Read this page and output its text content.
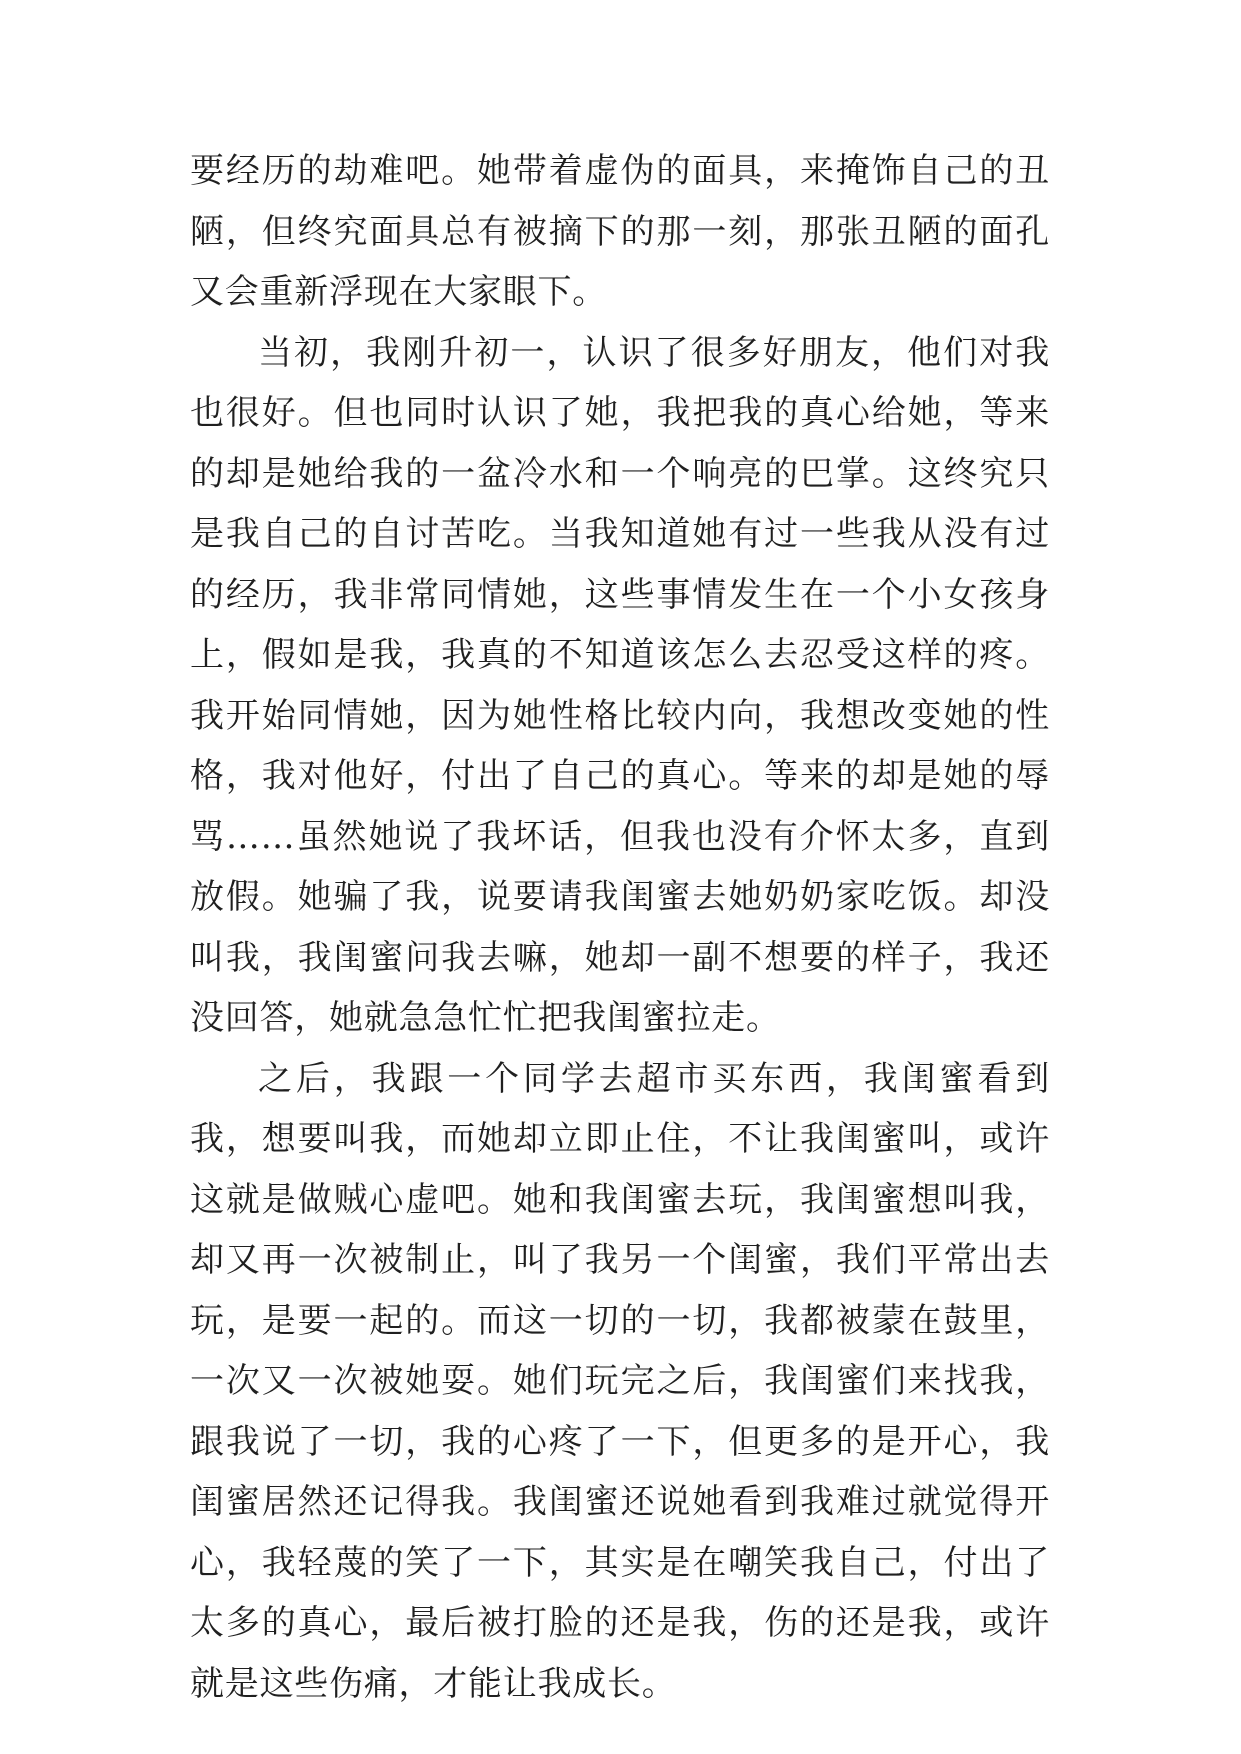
要经历的劫难吧。她带着虚伪的面具，来掩饰自己的丑陋，但终究面具总有被摘下的那一刻，那张丑陋的面孔又会重新浮现在大家眼下。

当初，我刚升初一，认识了很多好朋友，他们对我也很好。但也同时认识了她，我把我的真心给她，等来的却是她给我的一盆冷水和一个响亮的巴掌。这终究只是我自己的自讨苦吃。当我知道她有过一些我从没有过的经历，我非常同情她，这些事情发生在一个小女孩身上，假如是我，我真的不知道该怎么去忍受这样的疼。我开始同情她，因为她性格比较内向，我想改变她的性格，我对他好，付出了自己的真心。等来的却是她的辱骂……虽然她说了我坏话，但我也没有介怀太多，直到放假。她骗了我，说要请我闺蜜去她奶奶家吃饭。却没叫我，我闺蜜问我去嘛，她却一副不想要的样子，我还没回答，她就急急忙忙把我闺蜜拉走。

之后，我跟一个同学去超市买东西，我闺蜜看到我，想要叫我，而她却立即止住，不让我闺蜜叫，或许这就是做贼心虚吧。她和我闺蜜去玩，我闺蜜想叫我，却又再一次被制止，叫了我另一个闺蜜，我们平常出去玩，是要一起的。而这一切的一切，我都被蒙在鼓里，一次又一次被她耍。她们玩完之后，我闺蜜们来找我，跟我说了一切，我的心疼了一下，但更多的是开心，我闺蜜居然还记得我。我闺蜜还说她看到我难过就觉得开心，我轻蔑的笑了一下，其实是在嘲笑我自己，付出了太多的真心，最后被打脸的还是我，伤的还是我，或许就是这些伤痛，才能让我成长。
